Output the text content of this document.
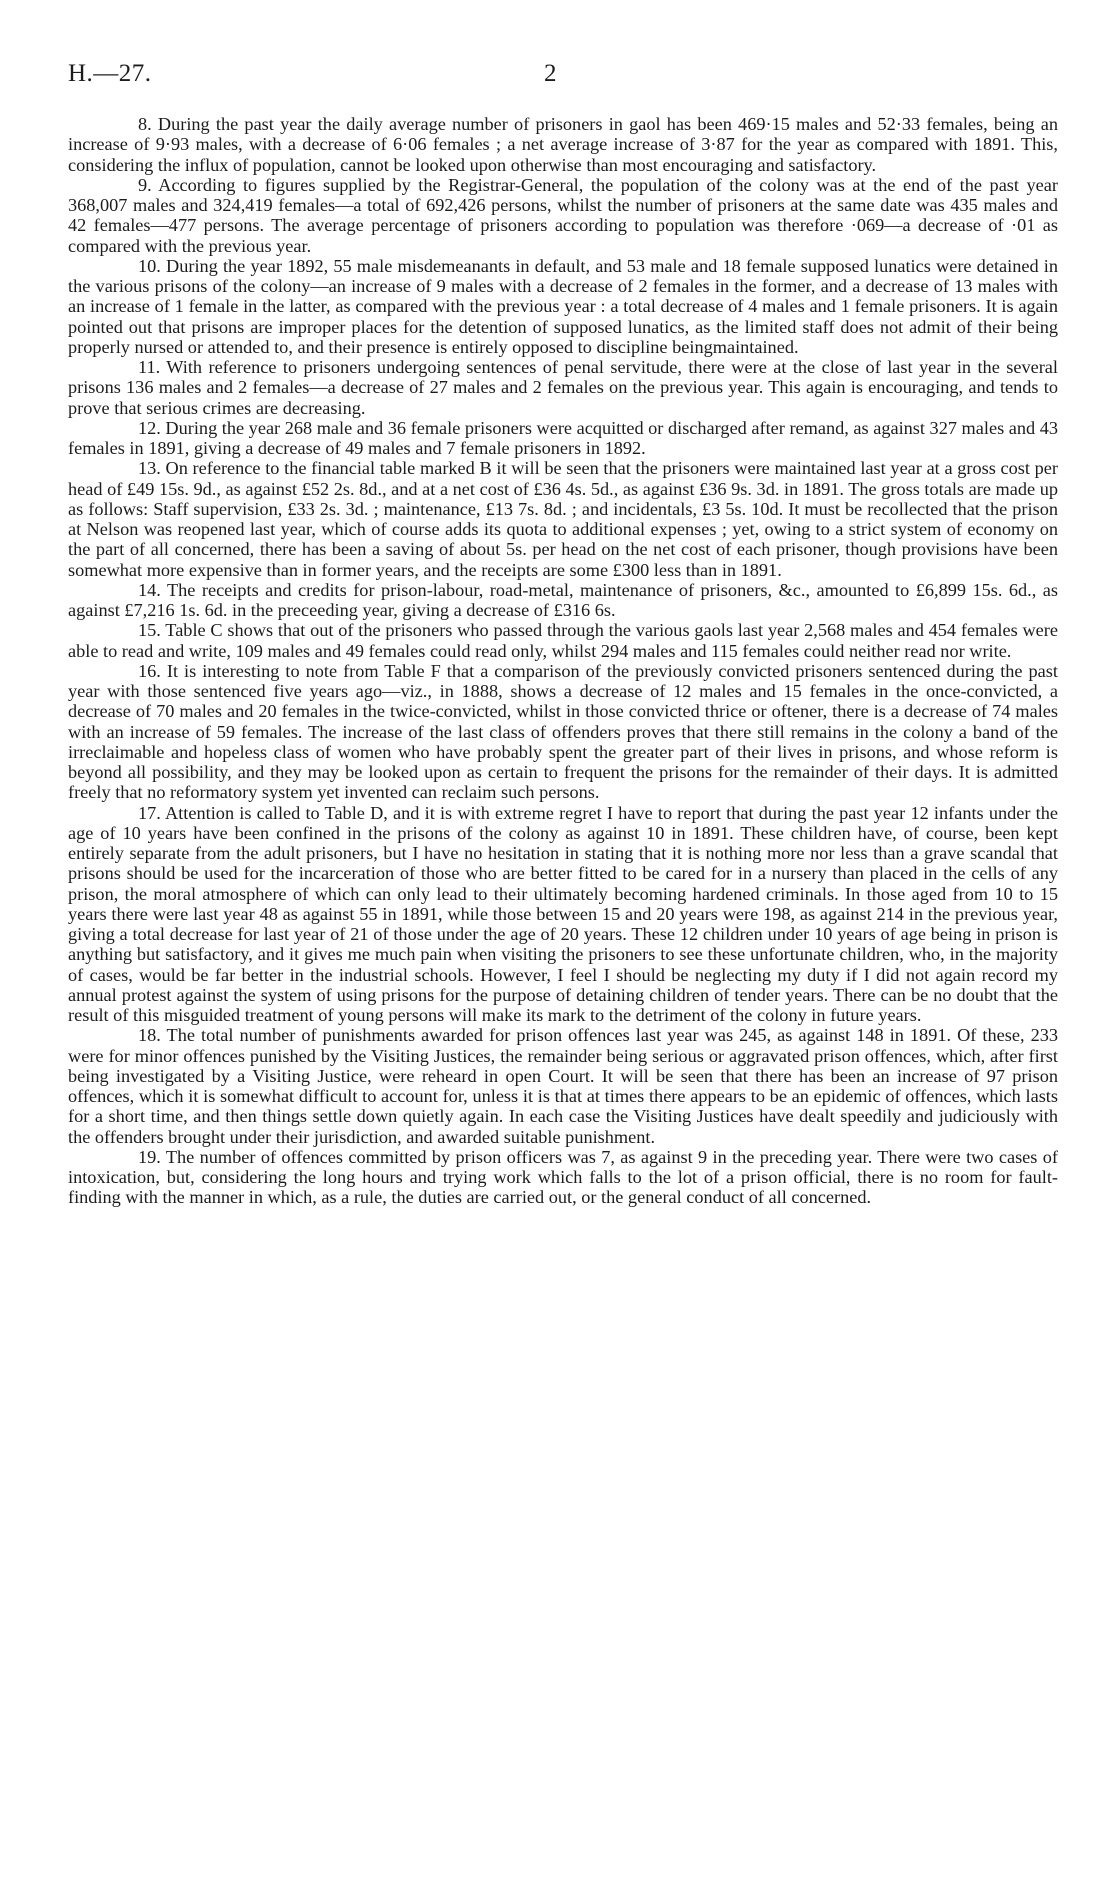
H.—27.	2

8. During the past year the daily average number of prisoners in gaol has been 469·15 males and 52·33 females, being an increase of 9·93 males, with a decrease of 6·06 females ; a net average increase of 3·87 for the year as compared with 1891. This, considering the influx of population, cannot be looked upon otherwise than most encouraging and satisfactory.

9. According to figures supplied by the Registrar-General, the population of the colony was at the end of the past year 368,007 males and 324,419 females—a total of 692,426 persons, whilst the number of prisoners at the same date was 435 males and 42 females—477 persons. The average percentage of prisoners according to population was therefore ·069—a decrease of ·01 as compared with the previous year.

10. During the year 1892, 55 male misdemeanants in default, and 53 male and 18 female supposed lunatics were detained in the various prisons of the colony—an increase of 9 males with a decrease of 2 females in the former, and a decrease of 13 males with an increase of 1 female in the latter, as compared with the previous year : a total decrease of 4 males and 1 female prisoners. It is again pointed out that prisons are improper places for the detention of supposed lunatics, as the limited staff does not admit of their being properly nursed or attended to, and their presence is entirely opposed to discipline beingmaintained.

11. With reference to prisoners undergoing sentences of penal servitude, there were at the close of last year in the several prisons 136 males and 2 females—a decrease of 27 males and 2 females on the previous year. This again is encouraging, and tends to prove that serious crimes are decreasing.

12. During the year 268 male and 36 female prisoners were acquitted or discharged after remand, as against 327 males and 43 females in 1891, giving a decrease of 49 males and 7 female prisoners in 1892.

13. On reference to the financial table marked B it will be seen that the prisoners were maintained last year at a gross cost per head of £49 15s. 9d., as against £52 2s. 8d., and at a net cost of £36 4s. 5d., as against £36 9s. 3d. in 1891. The gross totals are made up as follows: Staff supervision, £33 2s. 3d. ; maintenance, £13 7s. 8d. ; and incidentals, £3 5s. 10d. It must be recollected that the prison at Nelson was reopened last year, which of course adds its quota to additional expenses ; yet, owing to a strict system of economy on the part of all concerned, there has been a saving of about 5s. per head on the net cost of each prisoner, though provisions have been somewhat more expensive than in former years, and the receipts are some £300 less than in 1891.

14. The receipts and credits for prison-labour, road-metal, maintenance of prisoners, &c., amounted to £6,899 15s. 6d., as against £7,216 1s. 6d. in the preceeding year, giving a decrease of £316 6s.

15. Table C shows that out of the prisoners who passed through the various gaols last year 2,568 males and 454 females were able to read and write, 109 males and 49 females could read only, whilst 294 males and 115 females could neither read nor write.

16. It is interesting to note from Table F that a comparison of the previously convicted prisoners sentenced during the past year with those sentenced five years ago—viz., in 1888, shows a decrease of 12 males and 15 females in the once-convicted, a decrease of 70 males and 20 females in the twice-convicted, whilst in those convicted thrice or oftener, there is a decrease of 74 males with an increase of 59 females. The increase of the last class of offenders proves that there still remains in the colony a band of the irreclaimable and hopeless class of women who have probably spent the greater part of their lives in prisons, and whose reform is beyond all possibility, and they may be looked upon as certain to frequent the prisons for the remainder of their days. It is admitted freely that no reformatory system yet invented can reclaim such persons.

17. Attention is called to Table D, and it is with extreme regret I have to report that during the past year 12 infants under the age of 10 years have been confined in the prisons of the colony as against 10 in 1891. These children have, of course, been kept entirely separate from the adult prisoners, but I have no hesitation in stating that it is nothing more nor less than a grave scandal that prisons should be used for the incarceration of those who are better fitted to be cared for in a nursery than placed in the cells of any prison, the moral atmosphere of which can only lead to their ultimately becoming hardened criminals. In those aged from 10 to 15 years there were last year 48 as against 55 in 1891, while those between 15 and 20 years were 198, as against 214 in the previous year, giving a total decrease for last year of 21 of those under the age of 20 years. These 12 children under 10 years of age being in prison is anything but satisfactory, and it gives me much pain when visiting the prisoners to see these unfortunate children, who, in the majority of cases, would be far better in the industrial schools. However, I feel I should be neglecting my duty if I did not again record my annual protest against the system of using prisons for the purpose of detaining children of tender years. There can be no doubt that the result of this misguided treatment of young persons will make its mark to the detriment of the colony in future years.

18. The total number of punishments awarded for prison offences last year was 245, as against 148 in 1891. Of these, 233 were for minor offences punished by the Visiting Justices, the remainder being serious or aggravated prison offences, which, after first being investigated by a Visiting Justice, were reheard in open Court. It will be seen that there has been an increase of 97 prison offences, which it is somewhat difficult to account for, unless it is that at times there appears to be an epidemic of offences, which lasts for a short time, and then things settle down quietly again. In each case the Visiting Justices have dealt speedily and judiciously with the offenders brought under their jurisdiction, and awarded suitable punishment.

19. The number of offences committed by prison officers was 7, as against 9 in the preceding year. There were two cases of intoxication, but, considering the long hours and trying work which falls to the lot of a prison official, there is no room for fault-finding with the manner in which, as a rule, the duties are carried out, or the general conduct of all concerned.
